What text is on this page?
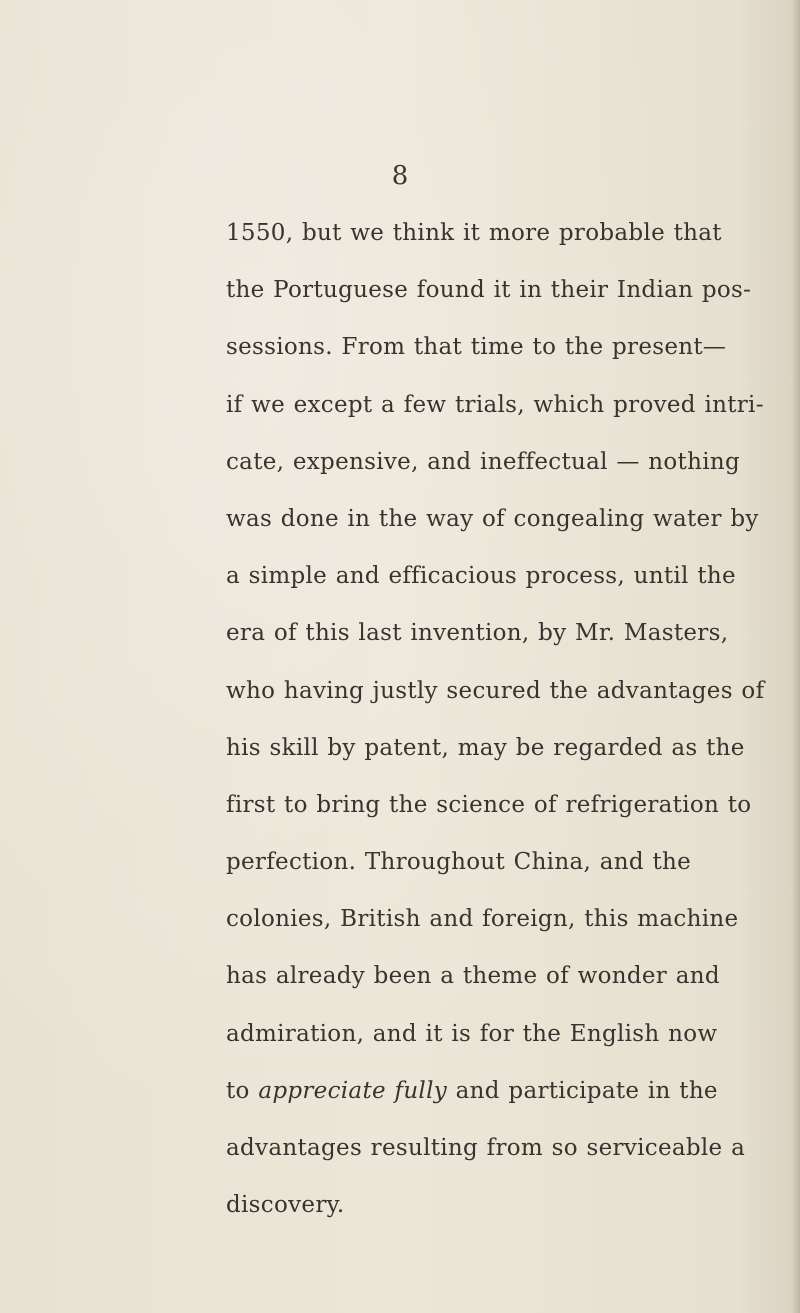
8
1550, but we think it more probable that
the Portuguese found it in their Indian pos-
sessions. From that time to the present—
if we except a few trials, which proved intri-
cate, expensive, and ineffectual — nothing
was done in the way of congealing water by
a simple and efficacious process, until the
era of this last invention, by Mr. Masters,
who having justly secured the advantages of
his skill by patent, may be regarded as the
first to bring the science of refrigeration to
perfection. Throughout China, and the
colonies, British and foreign, this machine
has already been a theme of wonder and
admiration, and it is for the English now
to appreciate fully and participate in the
advantages resulting from so serviceable a
discovery.
